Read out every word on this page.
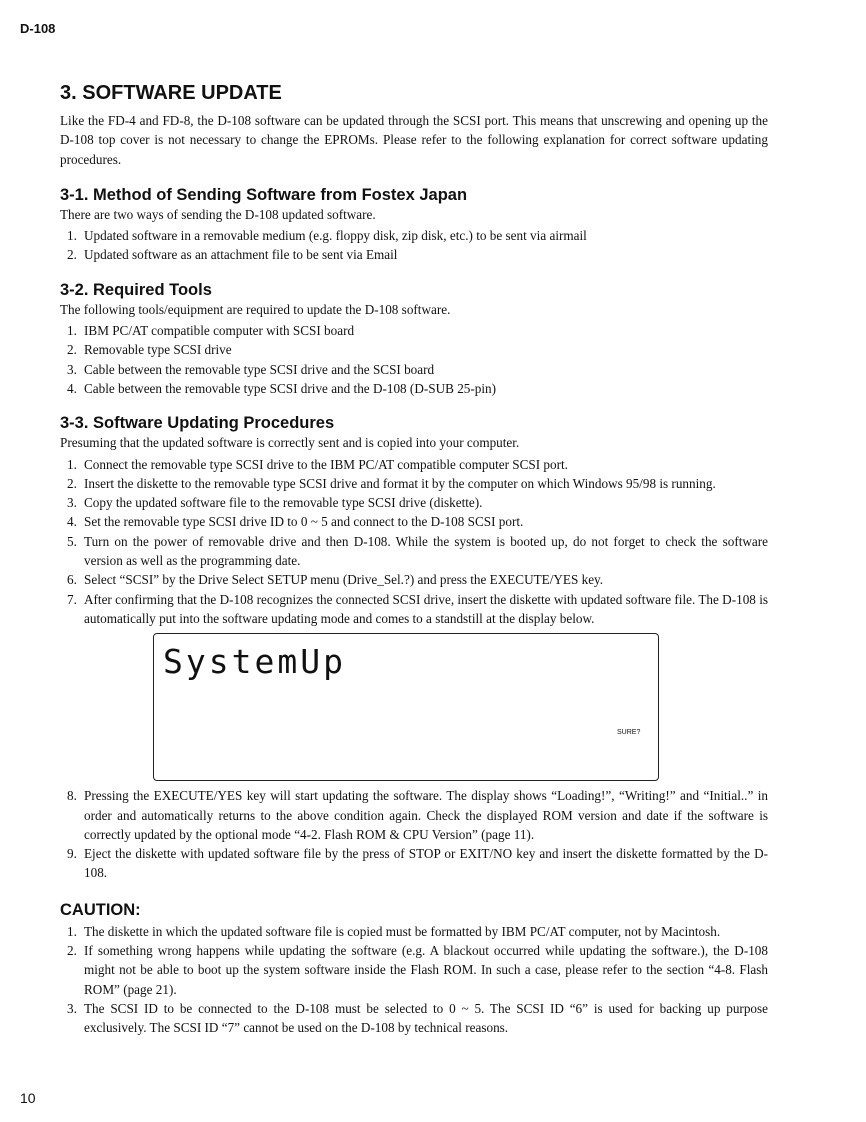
D-108
3. SOFTWARE UPDATE

Like the FD-4 and FD-8, the D-108 software can be updated through the SCSI port. This means that unscrewing and opening up the D-108 top cover is not necessary to change the EPROMs. Please refer to the following explanation for correct software updating procedures.

3-1. Method of Sending Software from Fostex Japan

There are two ways of sending the D-108 updated software.

1. Updated software in a removable medium (e.g. floppy disk, zip disk, etc.) to be sent via airmail
2. Updated software as an attachment file to be sent via Email
3-2. Required Tools

The following tools/equipment are required to update the D-108 software.

1. IBM PC/AT compatible computer with SCSI board
2. Removable type SCSI drive
3. Cable between the removable type SCSI drive and the SCSI board
4. Cable between the removable type SCSI drive and the D-108 (D-SUB 25-pin)
3-3. Software Updating Procedures

Presuming that the updated software is correctly sent and is copied into your computer.

1. Connect the removable type SCSI drive to the IBM PC/AT compatible computer SCSI port.
2. Insert the diskette to the removable type SCSI drive and format it by the computer on which Windows 95/98 is running.
3. Copy the updated software file to the removable type SCSI drive (diskette).
4. Set the removable type SCSI drive ID to 0 ~ 5 and connect to the D-108 SCSI port.
5. Turn on the power of removable drive and then D-108. While the system is booted up, do not forget to check the software version as well as the programming date.
6. Select “SCSI” by the Drive Select SETUP menu (Drive_Sel.?) and press the EXECUTE/YES key.
7. After confirming that the D-108 recognizes the connected SCSI drive, insert the diskette with updated software file. The D-108 is automatically put into the software updating mode and comes to a standstill at the display below.
SystemUp
SURE?
8. Pressing the EXECUTE/YES key will start updating the software. The display shows “Loading!”, “Writing!” and “Initial..” in order and automatically returns to the above condition again. Check the displayed ROM version and date if the software is correctly updated by the optional mode “4-2. Flash ROM & CPU Version” (page 11).
9. Eject the diskette with updated software file by the press of STOP or EXIT/NO key and insert the diskette formatted by the D-108.
CAUTION:
1. The diskette in which the updated software file is copied must be formatted by IBM PC/AT computer, not by Macintosh.
2. If something wrong happens while updating the software (e.g. A blackout occurred while updating the software.), the D-108 might not be able to boot up the system software inside the Flash ROM. In such a case, please refer to the section “4-8. Flash ROM” (page 21).
3. The SCSI ID to be connected to the D-108 must be selected to 0 ~ 5. The SCSI ID “6” is used for backing up purpose exclusively. The SCSI ID “7” cannot be used on the D-108 by technical reasons.
10
